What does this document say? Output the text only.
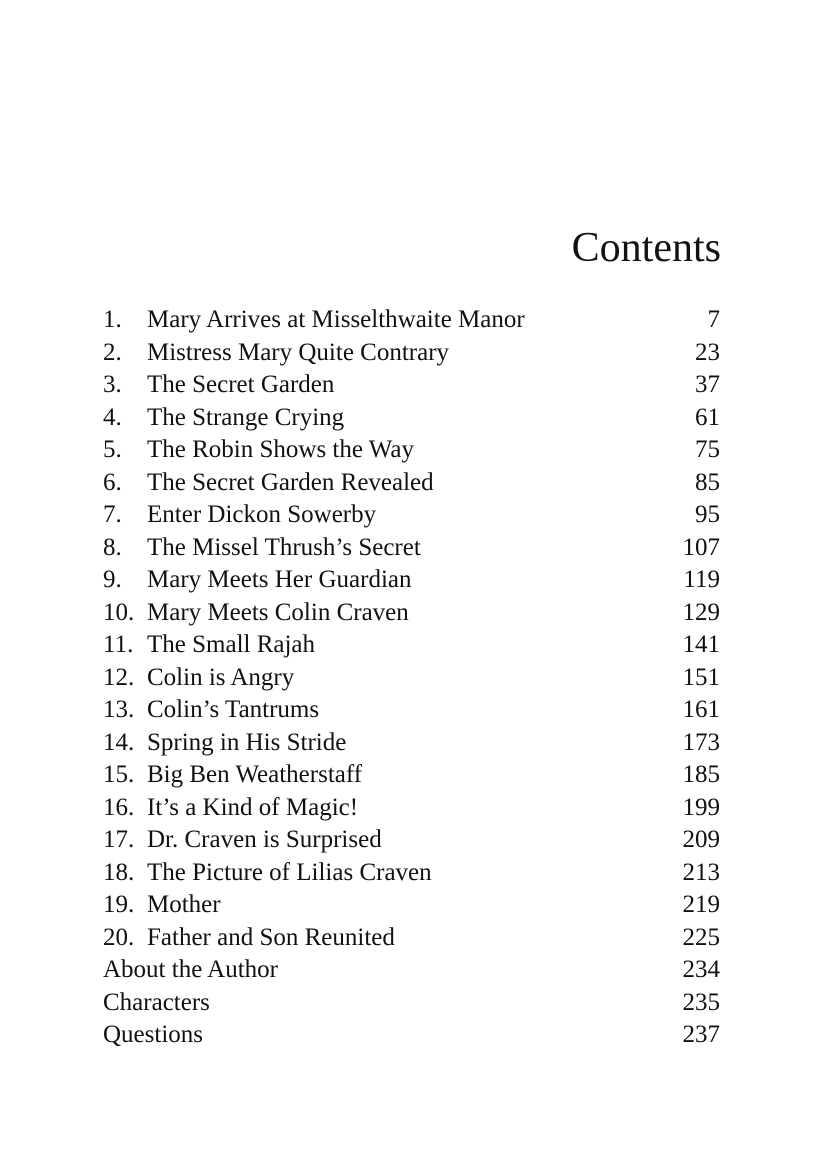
Contents
1.	Mary Arrives at Misselthwaite Manor	7
2.	Mistress Mary Quite Contrary	23
3.	The Secret Garden	37
4.	The Strange Crying	61
5.	The Robin Shows the Way	75
6.	The Secret Garden Revealed	85
7.	Enter Dickon Sowerby	95
8.	The Missel Thrush’s Secret	107
9.	Mary Meets Her Guardian	119
10. Mary Meets Colin Craven	129
11. The Small Rajah	141
12. Colin is Angry	151
13. Colin’s Tantrums	161
14. Spring in His Stride	173
15. Big Ben Weatherstaff	185
16. It’s a Kind of Magic!	199
17. Dr. Craven is Surprised	209
18. The Picture of Lilias Craven	213
19. Mother	219
20. Father and Son Reunited	225
About the Author	234
Characters	235
Questions	237
